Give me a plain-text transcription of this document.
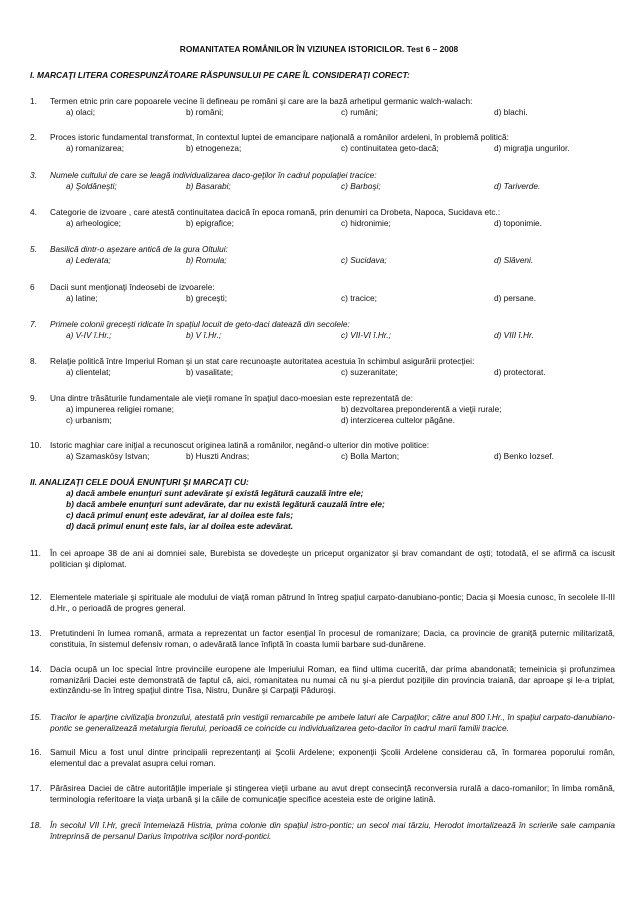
ROMANITATEA ROMÂNILOR ÎN VIZIUNEA ISTORICILOR. Test 6 – 2008
I. MARCAŢI LITERA CORESPUNZĂTOARE RĂSPUNSULUI PE CARE ÎL CONSIDERAŢI CORECT:
1. Termen etnic prin care popoarele vecine îi defineau pe români şi care are la bază arhetipul germanic walch-walach:
a) olaci;	b) români;	c) rumâni;	d) blachi.
2. Proces istoric fundamental transformat, în contextul luptei de emancipare naţională a românilor ardeleni, în problemă politică:
a) romanizarea;	b) etnogeneza;	c) continuitatea geto-dacă;	d) migraţia ungurilor.
3. Numele cultului de care se leagă individualizarea daco-geţilor în cadrul populaţiei tracice:
a) Şoldăneşti;	b) Basarabi;	c) Barboşi;	d) Tariverde.
4. Categorie de izvoare , care atestă continuitatea dacică în epoca romană, prin denumiri ca Drobeta, Napoca, Sucidava etc.:
a) arheologice;	b) epigrafice;	c) hidronimie;	d) toponimie.
5. Basilică dintr-o aşezare antică de la gura Oltului:
a) Lederata;	b) Romula;	c) Sucidava;	d) Slăveni.
6 Dacii sunt menţionaţi îndeosebi de izvoarele:
a) latine;	b) greceşti;	c) tracice;	d) persane.
7. Primele colonii greceşti ridicate în spaţiul locuit de geto-daci datează din secolele:
a) V-IV î.Hr.;	b) V î.Hr.;	c) VII-VI î.Hr.;	d) VIII î.Hr.
8. Relaţie politică între Imperiul Roman şi un stat care recunoaşte autoritatea acestuia în schimbul asigurării protecţiei:
a) clientelat;	b) vasalitate;	c) suzeranitate;	d) protectorat.
9. Una dintre trăsăturile fundamentale ale vieţii romane în spaţiul daco-moesian este reprezentată de:
a) impunerea religiei romane;	b) dezvoltarea preponderentă a vieţii rurale;
c) urbanism;	d) interzicerea cultelor păgâne.
10. Istoric maghiar care iniţial a recunoscut originea latină a românilor, negând-o ulterior din motive politice:
a) Szamaskösy Istvan;	b) Huszti Andras;	c) Bolla Marton;	d) Benko Iozsef.
II. ANALIZAŢI CELE DOUĂ ENUNŢURI ŞI MARCAŢI CU:
a) dacă ambele enunţuri sunt adevărate şi există legătură cauzală între ele;
b) dacă ambele enunţuri sunt adevărate, dar nu există legătură cauzală între ele;
c) dacă primul enunţ este adevărat, iar al doilea este fals;
d) dacă primul enunţ este fals, iar al doilea este adevărat.
11. În cei aproape 38 de ani ai domniei sale, Burebista se dovedeşte un priceput organizator şi brav comandant de oşti; totodată, el se afirmă ca iscusit politician şi diplomat.
12. Elementele materiale şi spirituale ale modului de viaţă roman pătrund în întreg spaţiul carpato-danubiano-pontic; Dacia şi Moesia cunosc, în secolele II-III d.Hr., o perioadă de progres general.
13. Pretutindeni în lumea romană, armata a reprezentat un factor esenţial în procesul de romanizare; Dacia, ca provincie de graniţă puternic militarizată, constituia, în sistemul defensiv roman, o adevărată lance înfiptă în coasta lumii barbare sud-dunărene.
14. Dacia ocupă un loc special între provinciile europene ale Imperiului Roman, ea fiind ultima cucerită, dar prima abandonată; temeinicia şi profunzimea romanizării Daciei este demonstrată de faptul că, aici, romanitatea nu numai că nu şi-a pierdut poziţiile din provincia traiană, dar aproape şi le-a triplat, extinzându-se în întreg spaţiul dintre Tisa, Nistru, Dunăre şi Carpaţii Păduroşi.
15. Tracilor le aparţine civilizaţia bronzului, atestată prin vestigii remarcabile pe ambele laturi ale Carpaţilor; către anul 800 î.Hr., în spaţiul carpato-danubiano-pontic se generalizează metalurgia fierului, perioadă ce coincide cu individualizarea geto-dacilor în cadrul marii familii tracice.
16. Samuil Micu a fost unul dintre principalii reprezentanţi ai Şcolii Ardelene; exponenţii Şcolii Ardelene considerau că, în formarea poporului român, elementul dac a prevalat asupra celui roman.
17. Părăsirea Daciei de către autorităţile imperiale şi stingerea vieţii urbane au avut drept consecinţă reconversia rurală a daco-romanilor; în limba română, terminologia referitoare la viaţa urbană şi la căile de comunicaţie specifice acesteia este de origine latină.
18. În secolul VII î.Hr, grecii întemeiază Histria, prima colonie din spaţiul istro-pontic; un secol mai târziu, Herodot imortalizează în scrierile sale campania întreprinsă de persanul Darius împotriva sciţilor nord-pontici.
